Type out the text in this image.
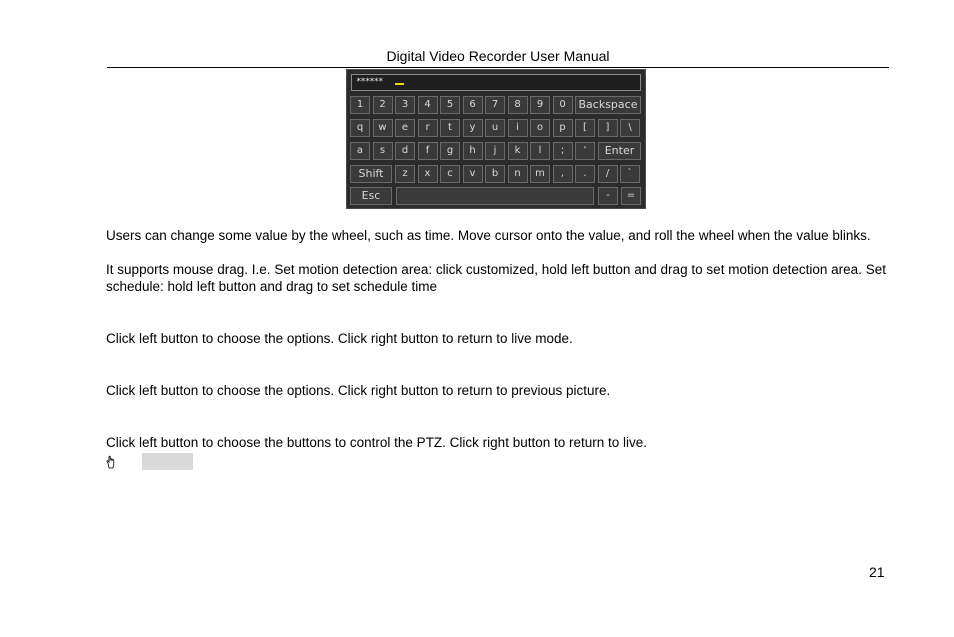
Digital Video Recorder User Manual
******
1	2	3	4	5	6	7	8	9	0	Backspace
q	w	e	r	t	y	u	i	o	p	[	]	\
a	s	d	f	g	h	j	k	l	;	'	Enter
Shift	z	x	c	v	b	n	m	,	.	/	`
Esc	-	=
Users can change some value by the wheel, such as time. Move cursor onto the value, and roll the wheel when the value blinks.
It supports mouse drag. I.e. Set motion detection area: click customized, hold left button and drag to set motion detection area. Set schedule: hold left button and drag to set schedule time
Click left button to choose the options. Click right button to return to live mode.
Click left button to choose the options. Click right button to return to previous picture.
Click left button to choose the buttons to control the PTZ. Click right button to return to live.
21
